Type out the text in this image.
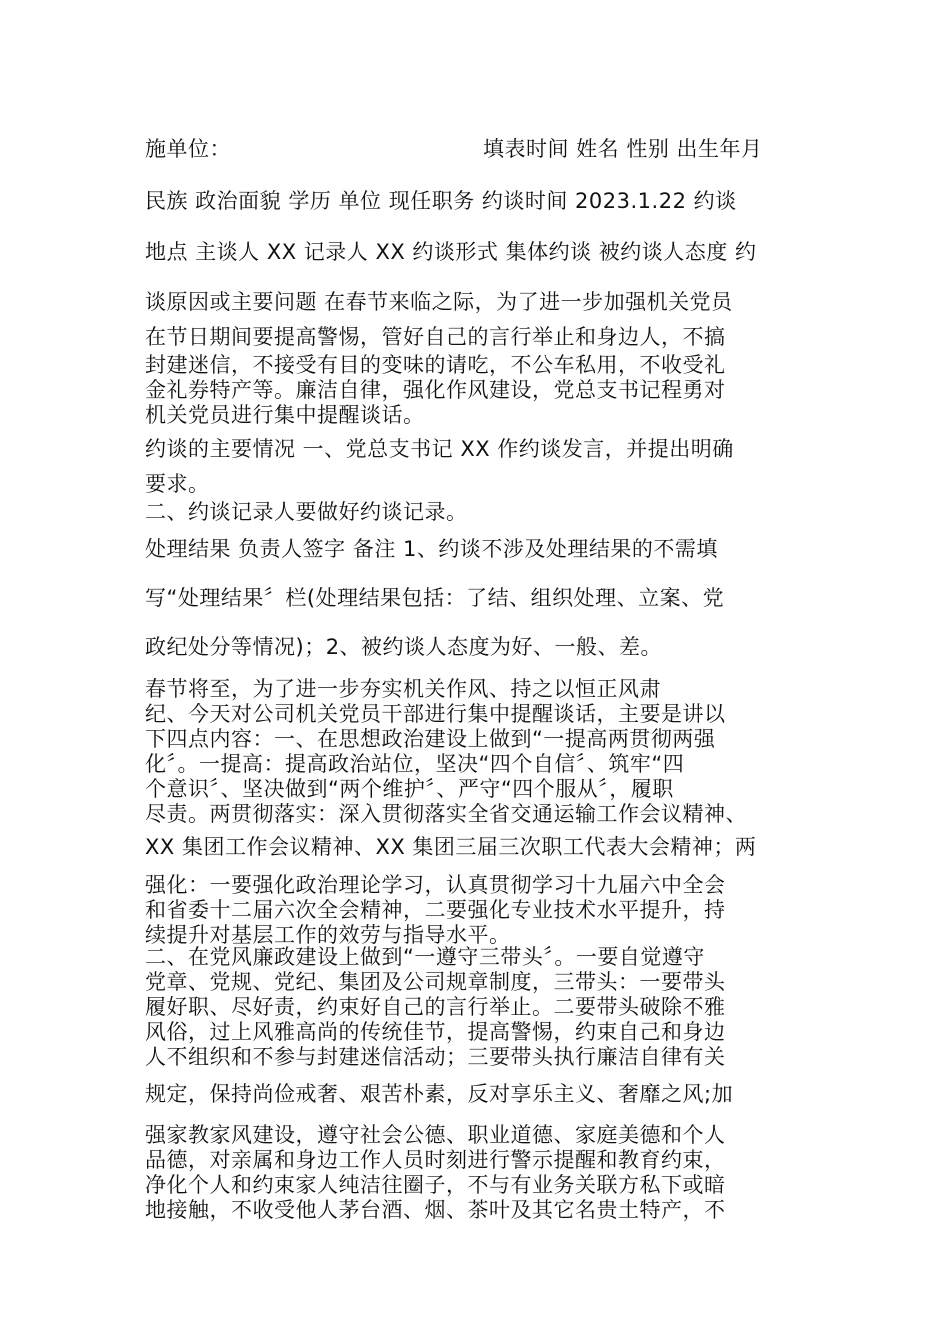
施单位：	填表时间 姓名 性别 出生年月
民族 政治面貌 学历 单位 现任职务 约谈时间 2023.1.22 约谈
地点 主谈人 XX 记录人 XX 约谈形式 集体约谈 被约谈人态度 约
谈原因或主要问题 在春节来临之际，为了进一步加强机关党员
在节日期间要提高警惕，管好自己的言行举止和身边人，不搞
封建迷信，不接受有目的变味的请吃，不公车私用，不收受礼
金礼券特产等。廉洁自律，强化作风建设，党总支书记程勇对
机关党员进行集中提醒谈话。
约谈的主要情况 一、党总支书记 XX 作约谈发言，并提出明确
要求。
二、约谈记录人要做好约谈记录。
处理结果 负责人签字 备注 1、约谈不涉及处理结果的不需填
写“处理结果〞栏(处理结果包括：了结、组织处理、立案、党
政纪处分等情况)；2、被约谈人态度为好、一般、差。
春节将至，为了进一步夯实机关作风、持之以恒正风肃
纪、今天对公司机关党员干部进行集中提醒谈话，主要是讲以
下四点内容：一、在思想政治建设上做到“一提高两贯彻两强
化〞。一提高：提高政治站位，坚决“四个自信〞、筑牢“四
个意识〞、坚决做到“两个维护〞、严守“四个服从〞，履职
尽责。两贯彻落实：深入贯彻落实全省交通运输工作会议精神、
XX 集团工作会议精神、XX 集团三届三次职工代表大会精神；两
强化：一要强化政治理论学习，认真贯彻学习十九届六中全会
和省委十二届六次全会精神，二要强化专业技术水平提升，持
续提升对基层工作的效劳与指导水平。
二、在党风廉政建设上做到“一遵守三带头〞。一要自觉遵守
党章、党规、党纪、集团及公司规章制度，三带头：一要带头
履好职、尽好责，约束好自己的言行举止。二要带头破除不雅
风俗，过上风雅高尚的传统佳节，提高警惕，约束自己和身边
人不组织和不参与封建迷信活动；三要带头执行廉洁自律有关
规定，保持尚俭戒奢、艰苦朴素，反对享乐主义、奢靡之风;加
强家教家风建设，遵守社会公德、职业道德、家庭美德和个人
品德，对亲属和身边工作人员时刻进行警示提醒和教育约束，
净化个人和约束家人纯洁往圈子，不与有业务关联方私下或暗
地接触，不收受他人茅台酒、烟、茶叶及其它名贵土特产，不
